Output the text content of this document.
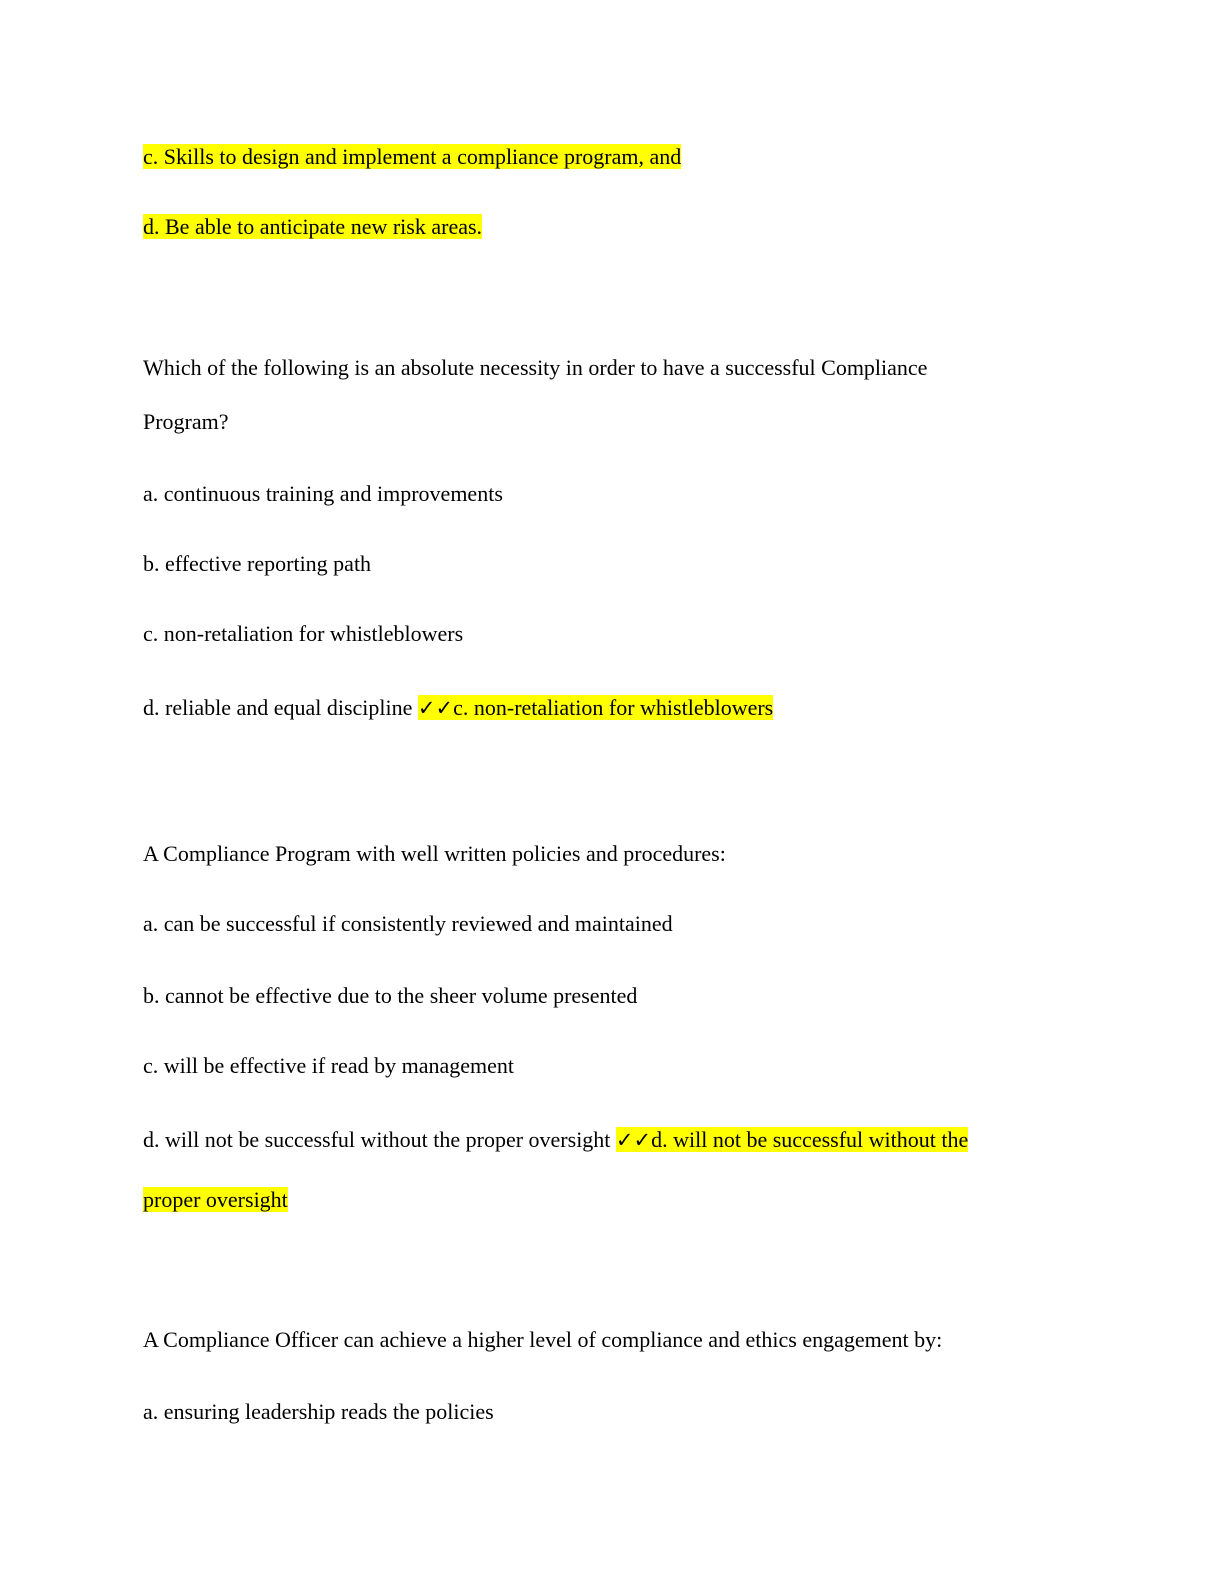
c. Skills to design and implement a compliance program, and
d. Be able to anticipate new risk areas.
Which of the following is an absolute necessity in order to have a successful Compliance
Program?
a. continuous training and improvements
b. effective reporting path
c. non-retaliation for whistleblowers
d. reliable and equal discipline ✓✓c. non-retaliation for whistleblowers
A Compliance Program with well written policies and procedures:
a. can be successful if consistently reviewed and maintained
b. cannot be effective due to the sheer volume presented
c. will be effective if read by management
d. will not be successful without the proper oversight ✓✓d. will not be successful without the
proper oversight
A Compliance Officer can achieve a higher level of compliance and ethics engagement by:
a. ensuring leadership reads the policies
